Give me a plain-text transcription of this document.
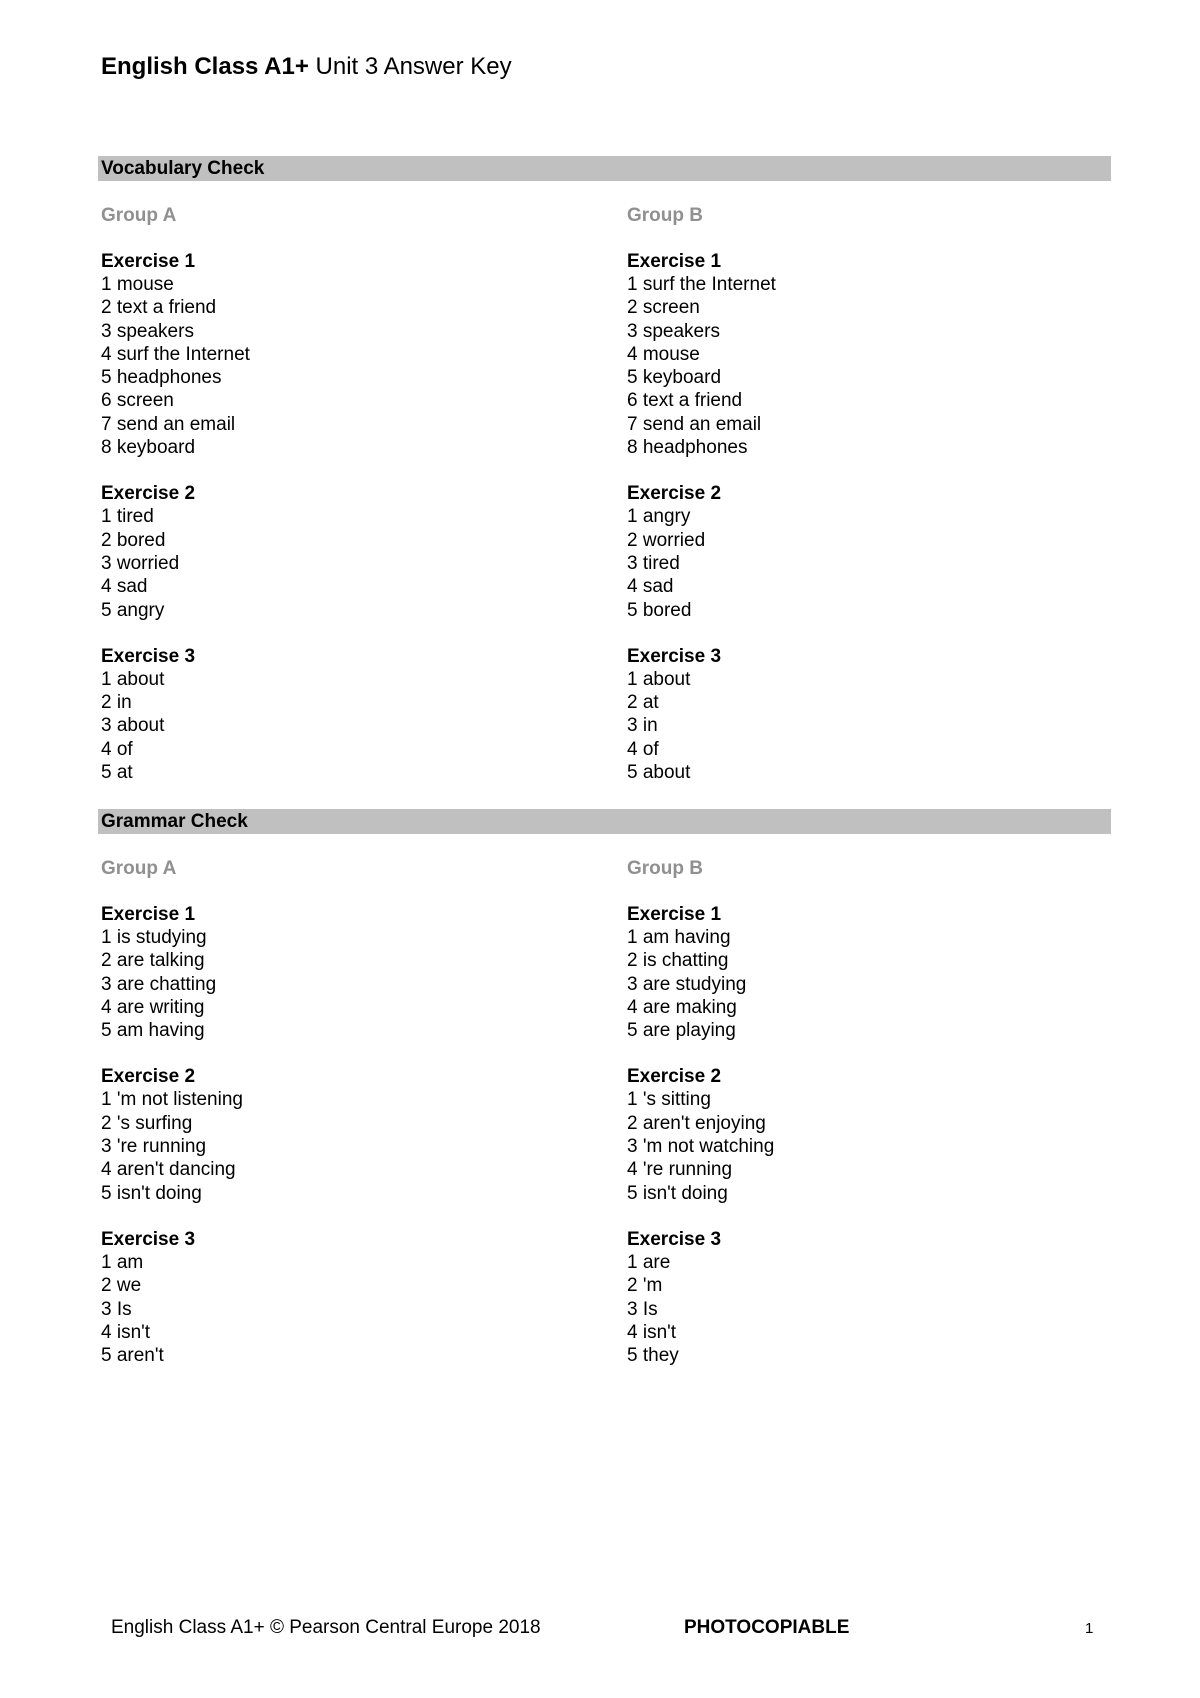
English Class A1+ Unit 3 Answer Key
Vocabulary Check
Group A
Exercise 1
1 mouse
2 text a friend
3 speakers
4 surf the Internet
5 headphones
6 screen
7 send an email
8 keyboard
Exercise 2
1 tired
2 bored
3 worried
4 sad
5 angry
Exercise 3
1 about
2 in
3 about
4 of
5 at
Group B
Exercise 1
1 surf the Internet
2 screen
3 speakers
4 mouse
5 keyboard
6 text a friend
7 send an email
8 headphones
Exercise 2
1 angry
2 worried
3 tired
4 sad
5 bored
Exercise 3
1 about
2 at
3 in
4 of
5 about
Grammar Check
Group A
Exercise 1
1 is studying
2 are talking
3 are chatting
4 are writing
5 am having
Exercise 2
1 'm not listening
2 's surfing
3 're running
4 aren't dancing
5 isn't doing
Exercise 3
1 am
2 we
3 Is
4 isn't
5 aren't
Group B
Exercise 1
1 am having
2 is chatting
3 are studying
4 are making
5 are playing
Exercise 2
1 's sitting
2 aren't enjoying
3 'm not watching
4 're running
5 isn't doing
Exercise 3
1 are
2 'm
3 Is
4 isn't
5 they
English Class A1+ © Pearson Central Europe 2018	PHOTOCOPIABLE	1
